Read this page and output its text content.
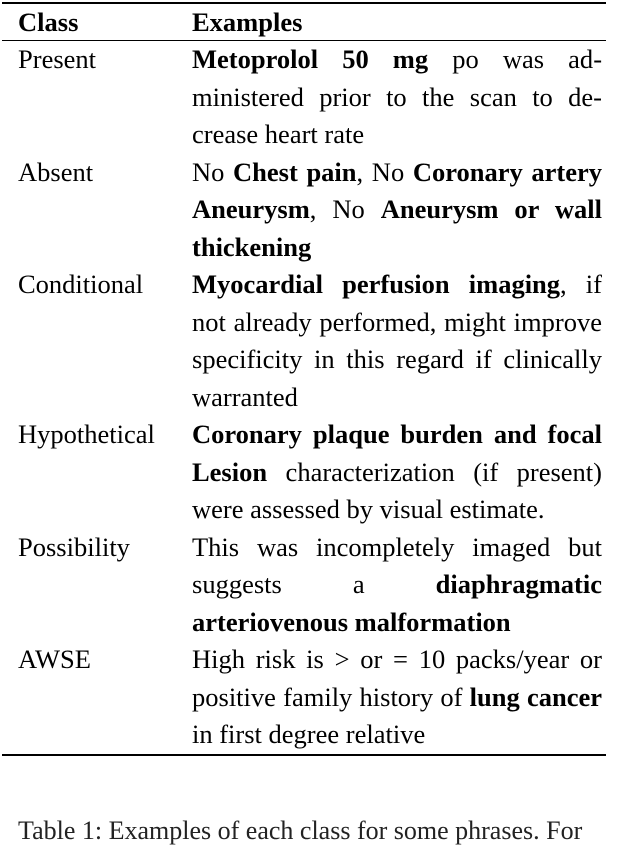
Class	Examples
Present	Metoprolol 50 mg po was administered prior to the scan to decrease heart rate
Absent	No Chest pain, No Coronary artery Aneurysm, No Aneurysm or wall thickening
Conditional	Myocardial perfusion imaging, if not already performed, might improve specificity in this regard if clinically warranted
Hypothetical	Coronary plaque burden and focal Lesion characterization (if present) were assessed by visual estimate.
Possibility	This was incompletely imaged but suggests a diaphragmatic arteriovenous malformation
AWSE	High risk is > or = 10 packs/year or positive family history of lung cancer in first degree relative
Table 1: Examples of each class for some phrases. For
